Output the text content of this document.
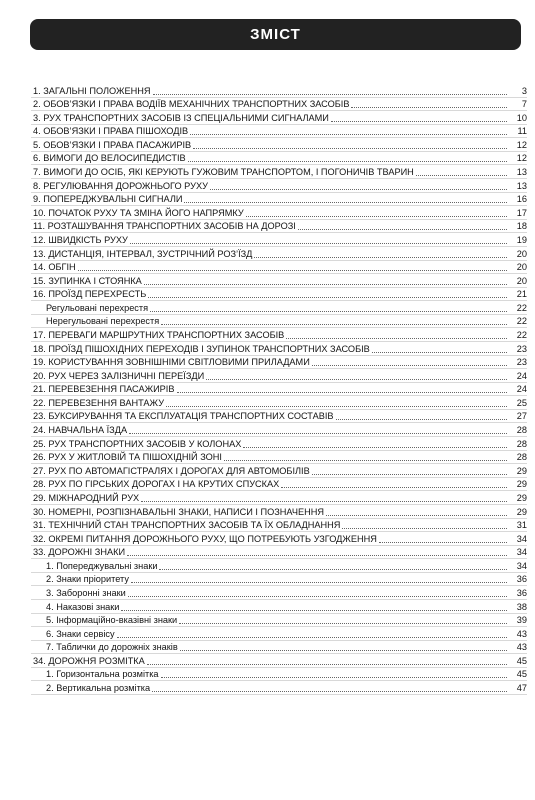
ЗМІСТ
1. ЗАГАЛЬНІ ПОЛОЖЕННЯ	3
2. ОБОВ’ЯЗКИ І ПРАВА ВОДІЇВ МЕХАНІЧНИХ ТРАНСПОРТНИХ ЗАСОБІВ	7
3. РУХ ТРАНСПОРТНИХ ЗАСОБІВ ІЗ СПЕЦІАЛЬНИМИ СИГНАЛАМИ	10
4. ОБОВ’ЯЗКИ І ПРАВА ПІШОХОДІВ	11
5. ОБОВ’ЯЗКИ І ПРАВА ПАСАЖИРІВ	12
6. ВИМОГИ ДО ВЕЛОСИПЕДИСТІВ	12
7. ВИМОГИ ДО ОСІБ, ЯКІ КЕРУЮТЬ ГУЖОВИМ ТРАНСПОРТОМ, І ПОГОНИЧІВ ТВАРИН	13
8. РЕГУЛЮВАННЯ ДОРОЖНЬОГО РУХУ	13
9. ПОПЕРЕДЖУВАЛЬНІ СИГНАЛИ	16
10. ПОЧАТОК РУХУ ТА ЗМІНА ЙОГО НАПРЯМКУ	17
11. РОЗТАШУВАННЯ ТРАНСПОРТНИХ ЗАСОБІВ НА ДОРОЗІ	18
12. ШВИДКІСТЬ РУХУ	19
13. ДИСТАНЦІЯ, ІНТЕРВАЛ, ЗУСТРІЧНИЙ РОЗ’ЇЗД	20
14. ОБГІН	20
15. ЗУПИНКА І СТОЯНКА	20
16. ПРОЇЗД ПЕРЕХРЕСТЬ	21
Регульовані перехрестя	22
Нерегульовані перехрестя	22
17. ПЕРЕВАГИ МАРШРУТНИХ ТРАНСПОРТНИХ ЗАСОБІВ	22
18. ПРОЇЗД ПІШОХІДНИХ ПЕРЕХОДІВ І ЗУПИНОК ТРАНСПОРТНИХ ЗАСОБІВ	23
19. КОРИСТУВАННЯ ЗОВНІШНІМИ СВІТЛОВИМИ ПРИЛАДАМИ	23
20. РУХ ЧЕРЕЗ ЗАЛІЗНИЧНІ ПЕРЕЇЗДИ	24
21. ПЕРЕВЕЗЕННЯ ПАСАЖИРІВ	24
22. ПЕРЕВЕЗЕННЯ ВАНТАЖУ	25
23. БУКСИРУВАННЯ ТА ЕКСПЛУАТАЦІЯ ТРАНСПОРТНИХ СОСТАВІВ	27
24. НАВЧАЛЬНА ЇЗДА	28
25. РУХ ТРАНСПОРТНИХ ЗАСОБІВ У КОЛОНАХ	28
26. РУХ У ЖИТЛОВІЙ ТА ПІШОХІДНІЙ ЗОНІ	28
27. РУХ ПО АВТОМАГІСТРАЛЯХ І ДОРОГАХ ДЛЯ АВТОМОБІЛІВ	29
28. РУХ ПО ГІРСЬКИХ ДОРОГАХ І НА КРУТИХ СПУСКАХ	29
29. МІЖНАРОДНИЙ РУХ	29
30. НОМЕРНІ, РОЗПІЗНАВАЛЬНІ ЗНАКИ, НАПИСИ І ПОЗНАЧЕННЯ	29
31. ТЕХНІЧНИЙ СТАН ТРАНСПОРТНИХ ЗАСОБІВ ТА ЇХ ОБЛАДНАННЯ	31
32. ОКРЕМІ ПИТАННЯ ДОРОЖНЬОГО РУХУ, ЩО ПОТРЕБУЮТЬ УЗГОДЖЕННЯ	34
33. ДОРОЖНІ ЗНАКИ	34
1. Попереджувальні знаки	34
2. Знаки пріоритету	36
3. Заборонні знаки	36
4. Наказові знаки	38
5. Інформаційно-вказівні знаки	39
6. Знаки сервісу	43
7. Таблички до дорожніх знаків	43
34. ДОРОЖНЯ РОЗМІТКА	45
1. Горизонтальна розмітка	45
2. Вертикальна розмітка	47
